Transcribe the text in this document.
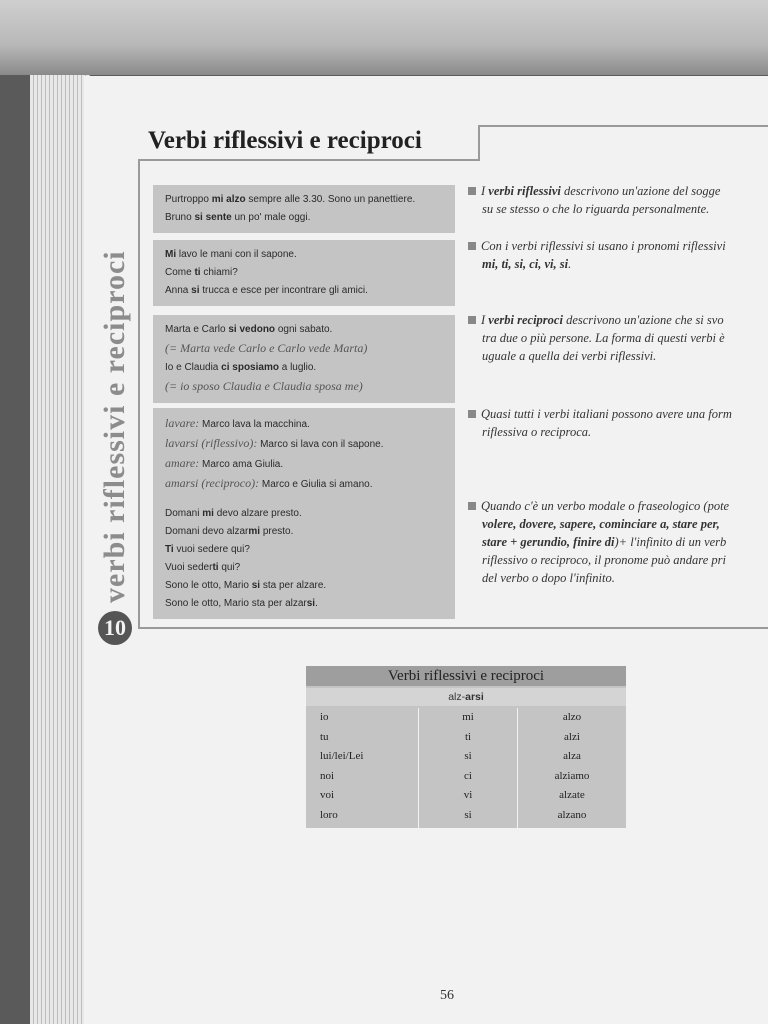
10
verbi riflessivi e reciproci
Verbi riflessivi e reciproci
Purtroppo mi alzo sempre alle 3.30. Sono un panettiere.
Bruno si sente un po' male oggi.
Mi lavo le mani con il sapone.
Come ti chiami?
Anna si trucca e esce per incontrare gli amici.
Marta e Carlo si vedono ogni sabato.
(= Marta vede Carlo e Carlo vede Marta)
Io e Claudia ci sposiamo a luglio.
(= io sposo Claudia e Claudia sposa me)
lavare: Marco lava la macchina.
lavarsi (riflessivo): Marco si lava con il sapone.
amare: Marco ama Giulia.
amarsi (reciproco): Marco e Giulia si amano.
Domani mi devo alzare presto.
Domani devo alzarmi presto.
Ti vuoi sedere qui?
Vuoi sederti qui?
Sono le otto, Mario si sta per alzare.
Sono le otto, Mario sta per alzarsi.
I verbi riflessivi descrivono un'azione del sogge
su se stesso o che lo riguarda personalmente.
Con i verbi riflessivi si usano i pronomi riflessivi
mi, ti, si, ci, vi, si.
I verbi reciproci descrivono un'azione che si svo
tra due o più persone. La forma di questi verbi è
uguale a quella dei verbi riflessivi.
Quasi tutti i verbi italiani possono avere una form
riflessiva o reciproca.
Quando c'è un verbo modale o fraseologico (pote
volere, dovere, sapere, cominciare a, stare per,
stare + gerundio, finire di)+ l'infinito di un verb
riflessivo o reciproco, il pronome può andare pri
del verbo o dopo l'infinito.
Verbi riflessivi e reciproci
alz-arsi
io
tu
lui/lei/Lei
noi
voi
loro
mi
ti
si
ci
vi
si
alzo
alzi
alza
alziamo
alzate
alzano
56
